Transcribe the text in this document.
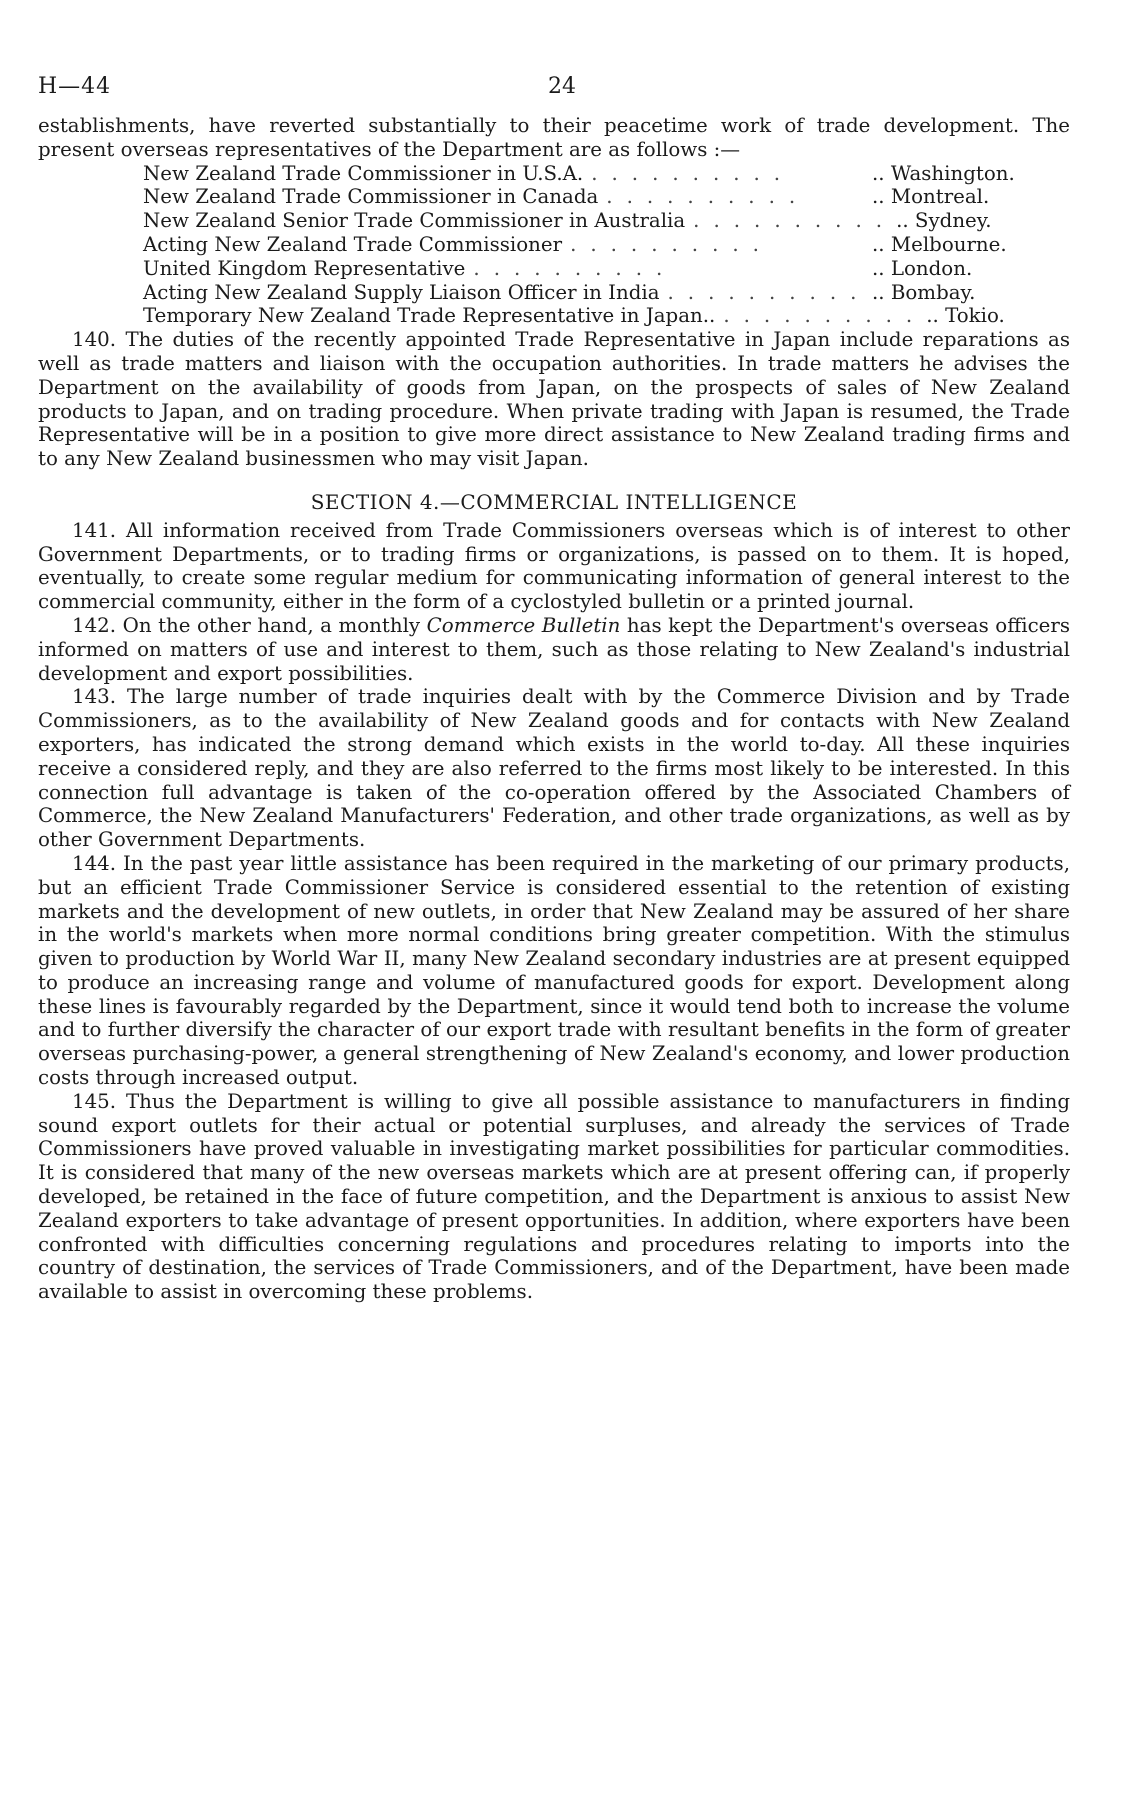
H—44	24

establishments, have reverted substantially to their peacetime work of trade development. The present overseas representatives of the Department are as follows :—

New Zealand Trade Commissioner in U.S.A. ..........	.. Washington.
New Zealand Trade Commissioner in Canada ..........	.. Montreal.
New Zealand Senior Trade Commissioner in Australia .......... .. Sydney.
Acting New Zealand Trade Commissioner ..........	.. Melbourne.
United Kingdom Representative ..........	.. London.
Acting New Zealand Supply Liaison Officer in India .......... .. Bombay.
Temporary New Zealand Trade Representative in Japan.. .......... .. Tokio.

140. The duties of the recently appointed Trade Representative in Japan include reparations as well as trade matters and liaison with the occupation authorities. In trade matters he advises the Department on the availability of goods from Japan, on the prospects of sales of New Zealand products to Japan, and on trading procedure. When private trading with Japan is resumed, the Trade Representative will be in a position to give more direct assistance to New Zealand trading firms and to any New Zealand businessmen who may visit Japan.

SECTION 4.—COMMERCIAL INTELLIGENCE

141. All information received from Trade Commissioners overseas which is of interest to other Government Departments, or to trading firms or organizations, is passed on to them. It is hoped, eventually, to create some regular medium for communicating information of general interest to the commercial community, either in the form of a cyclostyled bulletin or a printed journal.

142. On the other hand, a monthly Commerce Bulletin has kept the Department's overseas officers informed on matters of use and interest to them, such as those relating to New Zealand's industrial development and export possibilities.

143. The large number of trade inquiries dealt with by the Commerce Division and by Trade Commissioners, as to the availability of New Zealand goods and for contacts with New Zealand exporters, has indicated the strong demand which exists in the world to-day. All these inquiries receive a considered reply, and they are also referred to the firms most likely to be interested. In this connection full advantage is taken of the co-operation offered by the Associated Chambers of Commerce, the New Zealand Manufacturers' Federation, and other trade organizations, as well as by other Government Departments.

144. In the past year little assistance has been required in the marketing of our primary products, but an efficient Trade Commissioner Service is considered essential to the retention of existing markets and the development of new outlets, in order that New Zealand may be assured of her share in the world's markets when more normal conditions bring greater competition. With the stimulus given to production by World War II, many New Zealand secondary industries are at present equipped to produce an increasing range and volume of manufactured goods for export. Development along these lines is favourably regarded by the Department, since it would tend both to increase the volume and to further diversify the character of our export trade with resultant benefits in the form of greater overseas purchasing-power, a general strengthening of New Zealand's economy, and lower production costs through increased output.

145. Thus the Department is willing to give all possible assistance to manufacturers in finding sound export outlets for their actual or potential surpluses, and already the services of Trade Commissioners have proved valuable in investigating market possibilities for particular commodities. It is considered that many of the new overseas markets which are at present offering can, if properly developed, be retained in the face of future competition, and the Department is anxious to assist New Zealand exporters to take advantage of present opportunities. In addition, where exporters have been confronted with difficulties concerning regulations and procedures relating to imports into the country of destination, the services of Trade Commissioners, and of the Department, have been made available to assist in overcoming these problems.
